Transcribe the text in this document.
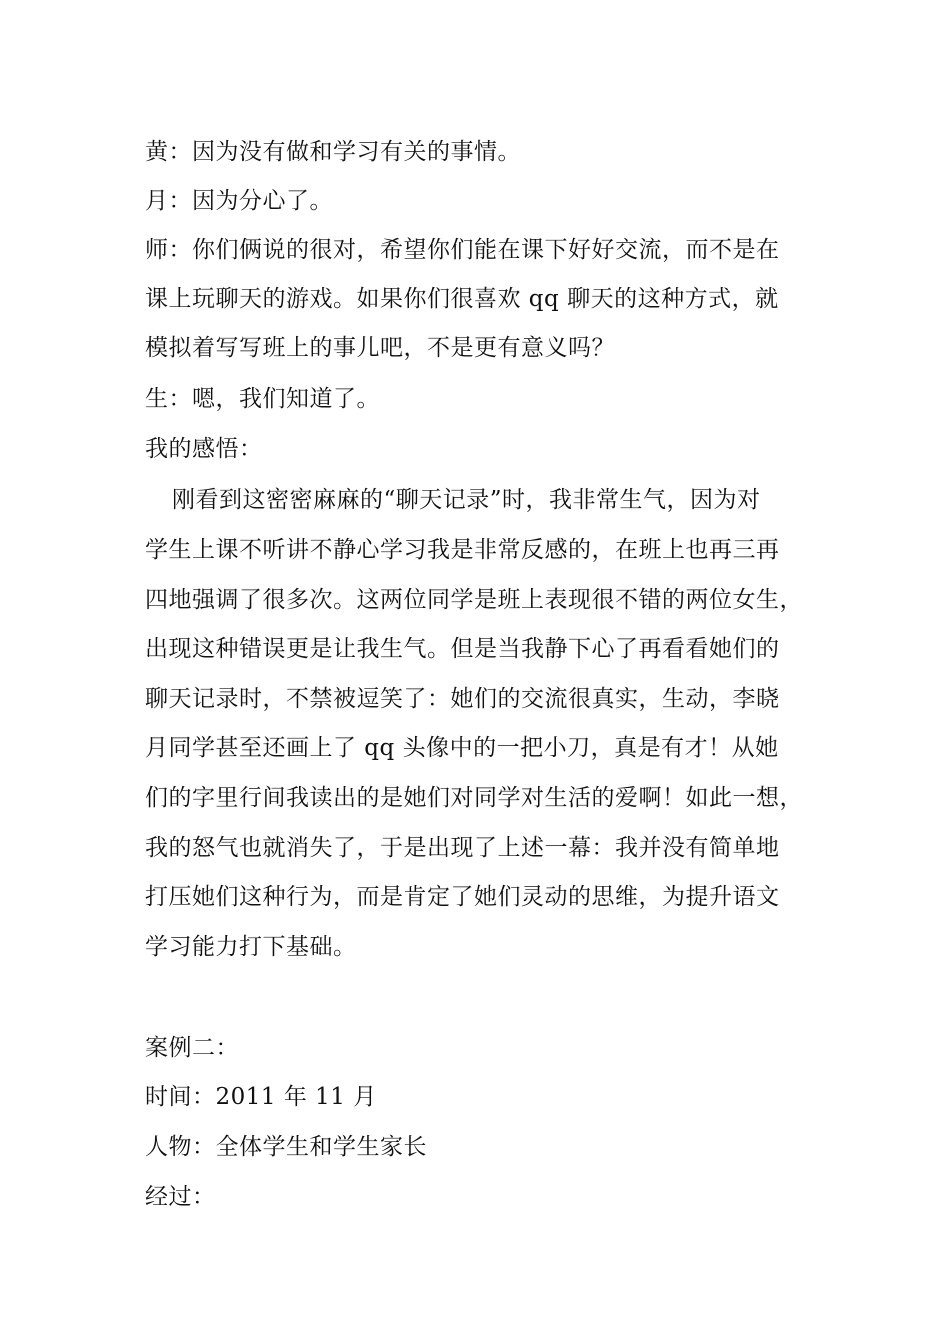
黄：因为没有做和学习有关的事情。
月：因为分心了。
师：你们俩说的很对，希望你们能在课下好好交流，而不是在
课上玩聊天的游戏。如果你们很喜欢 qq 聊天的这种方式，就
模拟着写写班上的事儿吧，不是更有意义吗？
生：嗯，我们知道了。
我的感悟：
刚看到这密密麻麻的“聊天记录”时，我非常生气，因为对
学生上课不听讲不静心学习我是非常反感的，在班上也再三再
四地强调了很多次。这两位同学是班上表现很不错的两位女生，
出现这种错误更是让我生气。但是当我静下心了再看看她们的
聊天记录时，不禁被逗笑了：她们的交流很真实，生动，李晓
月同学甚至还画上了 qq 头像中的一把小刀，真是有才！从她
们的字里行间我读出的是她们对同学对生活的爱啊！如此一想，
我的怒气也就消失了，于是出现了上述一幕：我并没有简单地
打压她们这种行为，而是肯定了她们灵动的思维，为提升语文
学习能力打下基础。
案例二：
时间：2011 年 11 月
人物：全体学生和学生家长
经过：
